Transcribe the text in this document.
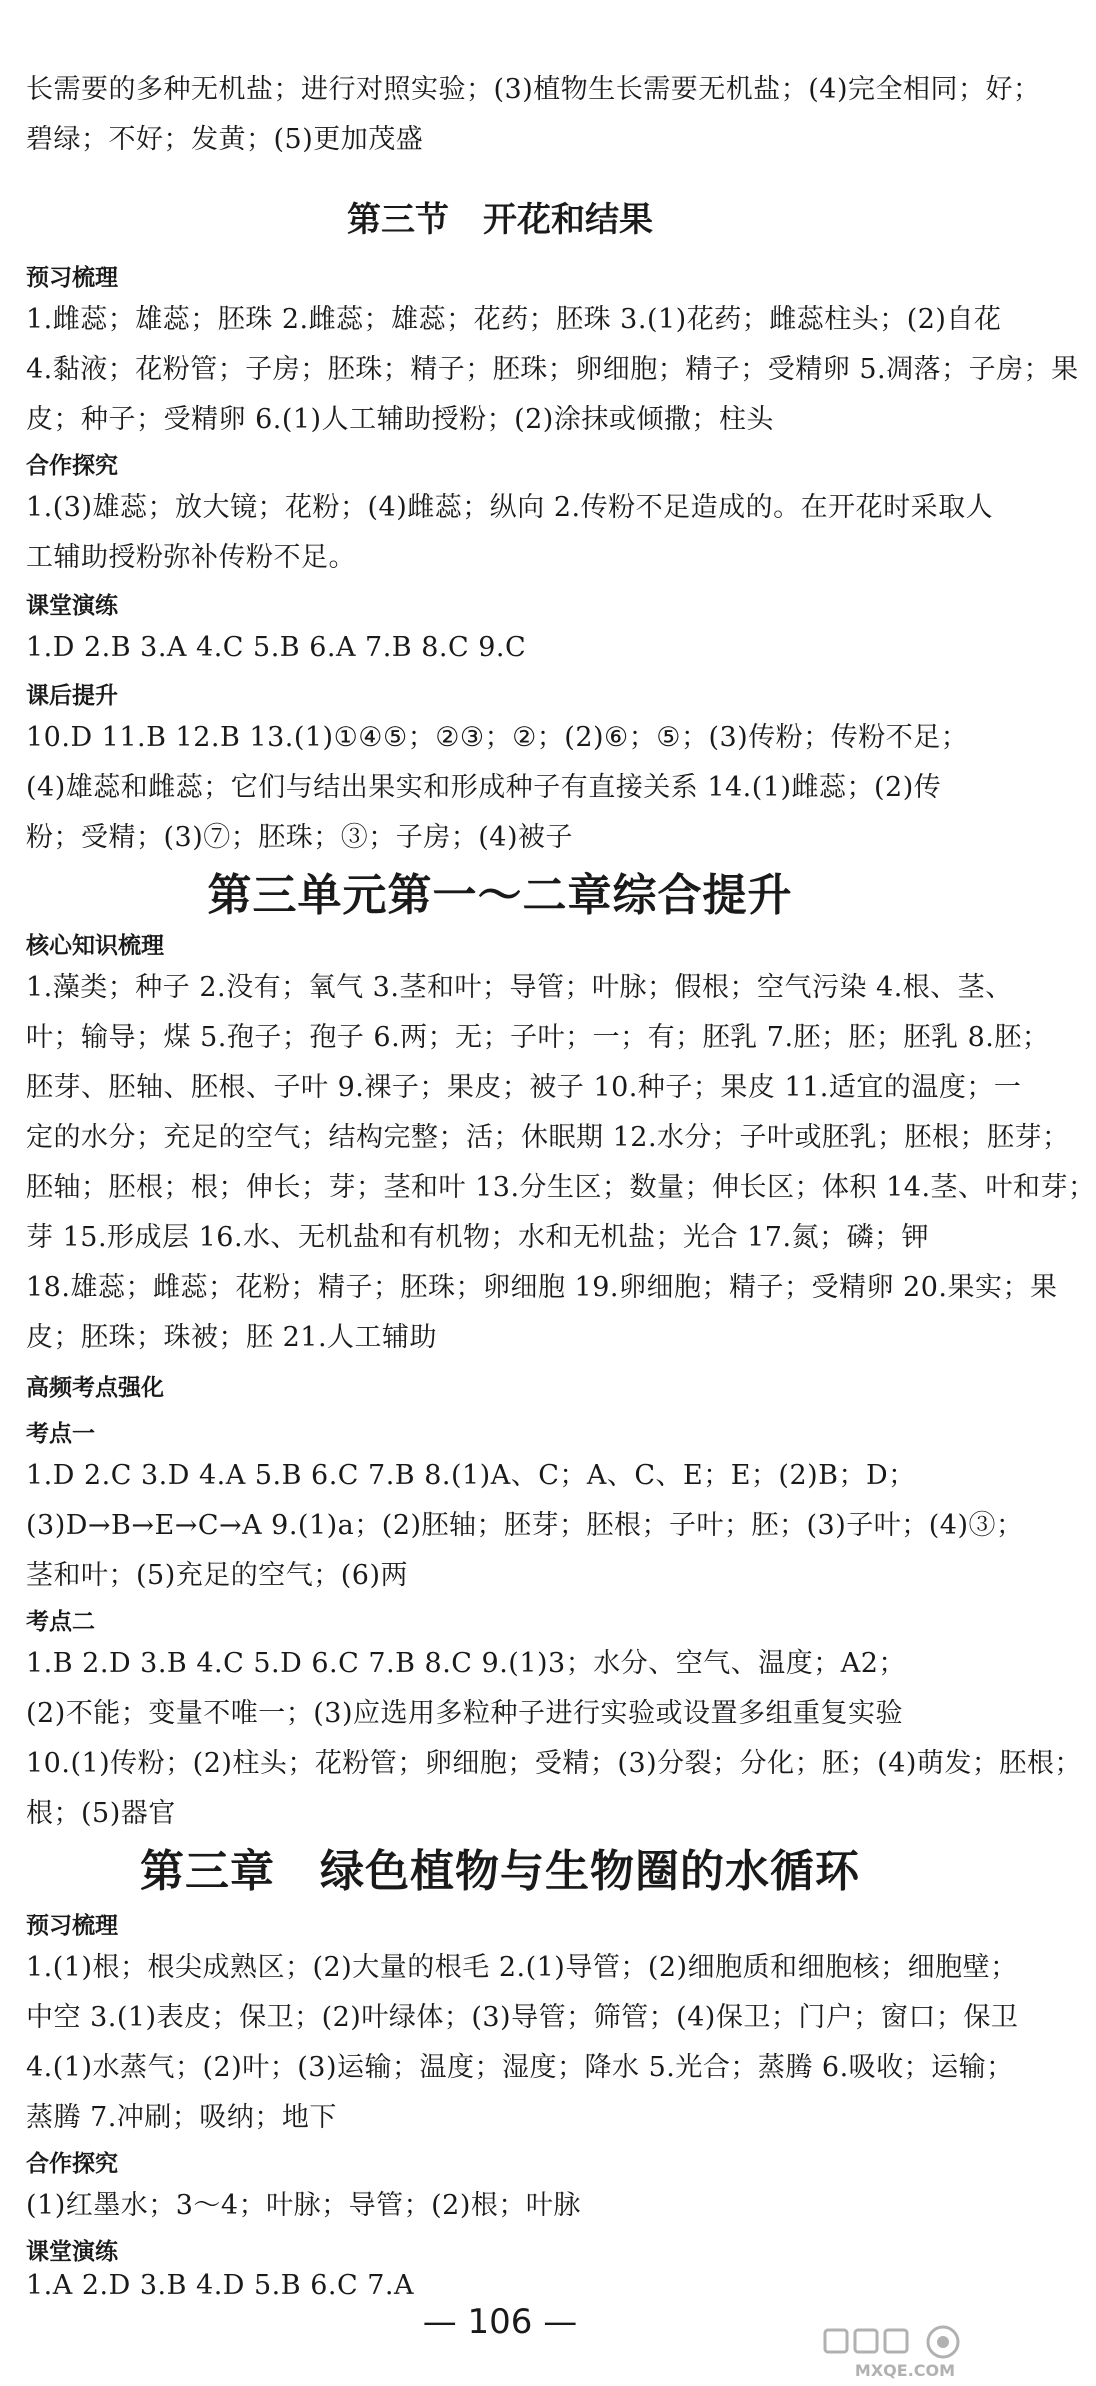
长需要的多种无机盐；进行对照实验；(3)植物生长需要无机盐；(4)完全相同；好；
碧绿；不好；发黄；(5)更加茂盛
第三节　开花和结果
预习梳理
1.雌蕊；雄蕊；胚珠 2.雌蕊；雄蕊；花药；胚珠 3.(1)花药；雌蕊柱头；(2)自花
4.黏液；花粉管；子房；胚珠；精子；胚珠；卵细胞；精子；受精卵 5.凋落；子房；果
皮；种子；受精卵 6.(1)人工辅助授粉；(2)涂抹或倾撒；柱头
合作探究
1.(3)雄蕊；放大镜；花粉；(4)雌蕊；纵向 2.传粉不足造成的。在开花时采取人
工辅助授粉弥补传粉不足。
课堂演练
1.D 2.B 3.A 4.C 5.B 6.A 7.B 8.C 9.C
课后提升
10.D 11.B 12.B 13.(1)①④⑤；②③；②；(2)⑥；⑤；(3)传粉；传粉不足；
(4)雄蕊和雌蕊；它们与结出果实和形成种子有直接关系 14.(1)雌蕊；(2)传
粉；受精；(3)⑦；胚珠；③；子房；(4)被子
第三单元第一～二章综合提升
核心知识梳理
1.藻类；种子 2.没有；氧气 3.茎和叶；导管；叶脉；假根；空气污染 4.根、茎、
叶；输导；煤 5.孢子；孢子 6.两；无；子叶；一；有；胚乳 7.胚；胚；胚乳 8.胚；
胚芽、胚轴、胚根、子叶 9.裸子；果皮；被子 10.种子；果皮 11.适宜的温度；一
定的水分；充足的空气；结构完整；活；休眠期 12.水分；子叶或胚乳；胚根；胚芽；
胚轴；胚根；根；伸长；芽；茎和叶 13.分生区；数量；伸长区；体积 14.茎、叶和芽；
芽 15.形成层 16.水、无机盐和有机物；水和无机盐；光合 17.氮；磷；钾
18.雄蕊；雌蕊；花粉；精子；胚珠；卵细胞 19.卵细胞；精子；受精卵 20.果实；果
皮；胚珠；珠被；胚 21.人工辅助
高频考点强化
考点一
1.D 2.C 3.D 4.A 5.B 6.C 7.B 8.(1)A、C；A、C、E；E；(2)B；D；
(3)D→B→E→C→A 9.(1)a；(2)胚轴；胚芽；胚根；子叶；胚；(3)子叶；(4)③；
茎和叶；(5)充足的空气；(6)两
考点二
1.B 2.D 3.B 4.C 5.D 6.C 7.B 8.C 9.(1)3；水分、空气、温度；A2；
(2)不能；变量不唯一；(3)应选用多粒种子进行实验或设置多组重复实验
10.(1)传粉；(2)柱头；花粉管；卵细胞；受精；(3)分裂；分化；胚；(4)萌发；胚根；
根；(5)器官
第三章　绿色植物与生物圈的水循环
预习梳理
1.(1)根；根尖成熟区；(2)大量的根毛 2.(1)导管；(2)细胞质和细胞核；细胞壁；
中空 3.(1)表皮；保卫；(2)叶绿体；(3)导管；筛管；(4)保卫；门户；窗口；保卫
4.(1)水蒸气；(2)叶；(3)运输；温度；湿度；降水 5.光合；蒸腾 6.吸收；运输；
蒸腾 7.冲刷；吸纳；地下
合作探究
(1)红墨水；3～4；叶脉；导管；(2)根；叶脉
课堂演练
1.A 2.D 3.B 4.D 5.B 6.C 7.A
— 106 —
MXQE.COM
